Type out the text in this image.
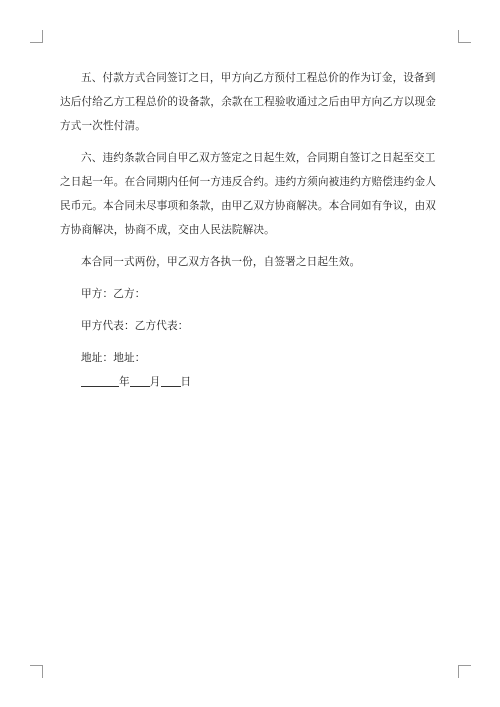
五、付款方式合同签订之日，甲方向乙方预付工程总价的作为订金，设备到达后付给乙方工程总价的设备款，余款在工程验收通过之后由甲方向乙方以现金方式一次性付清。

六、违约条款合同自甲乙双方签定之日起生效，合同期自签订之日起至交工之日起一年。在合同期内任何一方违反合约。违约方须向被违约方赔偿违约金人民币元。本合同未尽事项和条款，由甲乙双方协商解决。本合同如有争议，由双方协商解决，协商不成，交由人民法院解决。

本合同一式两份，甲乙双方各执一份，自签署之日起生效。

甲方：乙方：

甲方代表：乙方代表：

地址：地址：

年 月 日
